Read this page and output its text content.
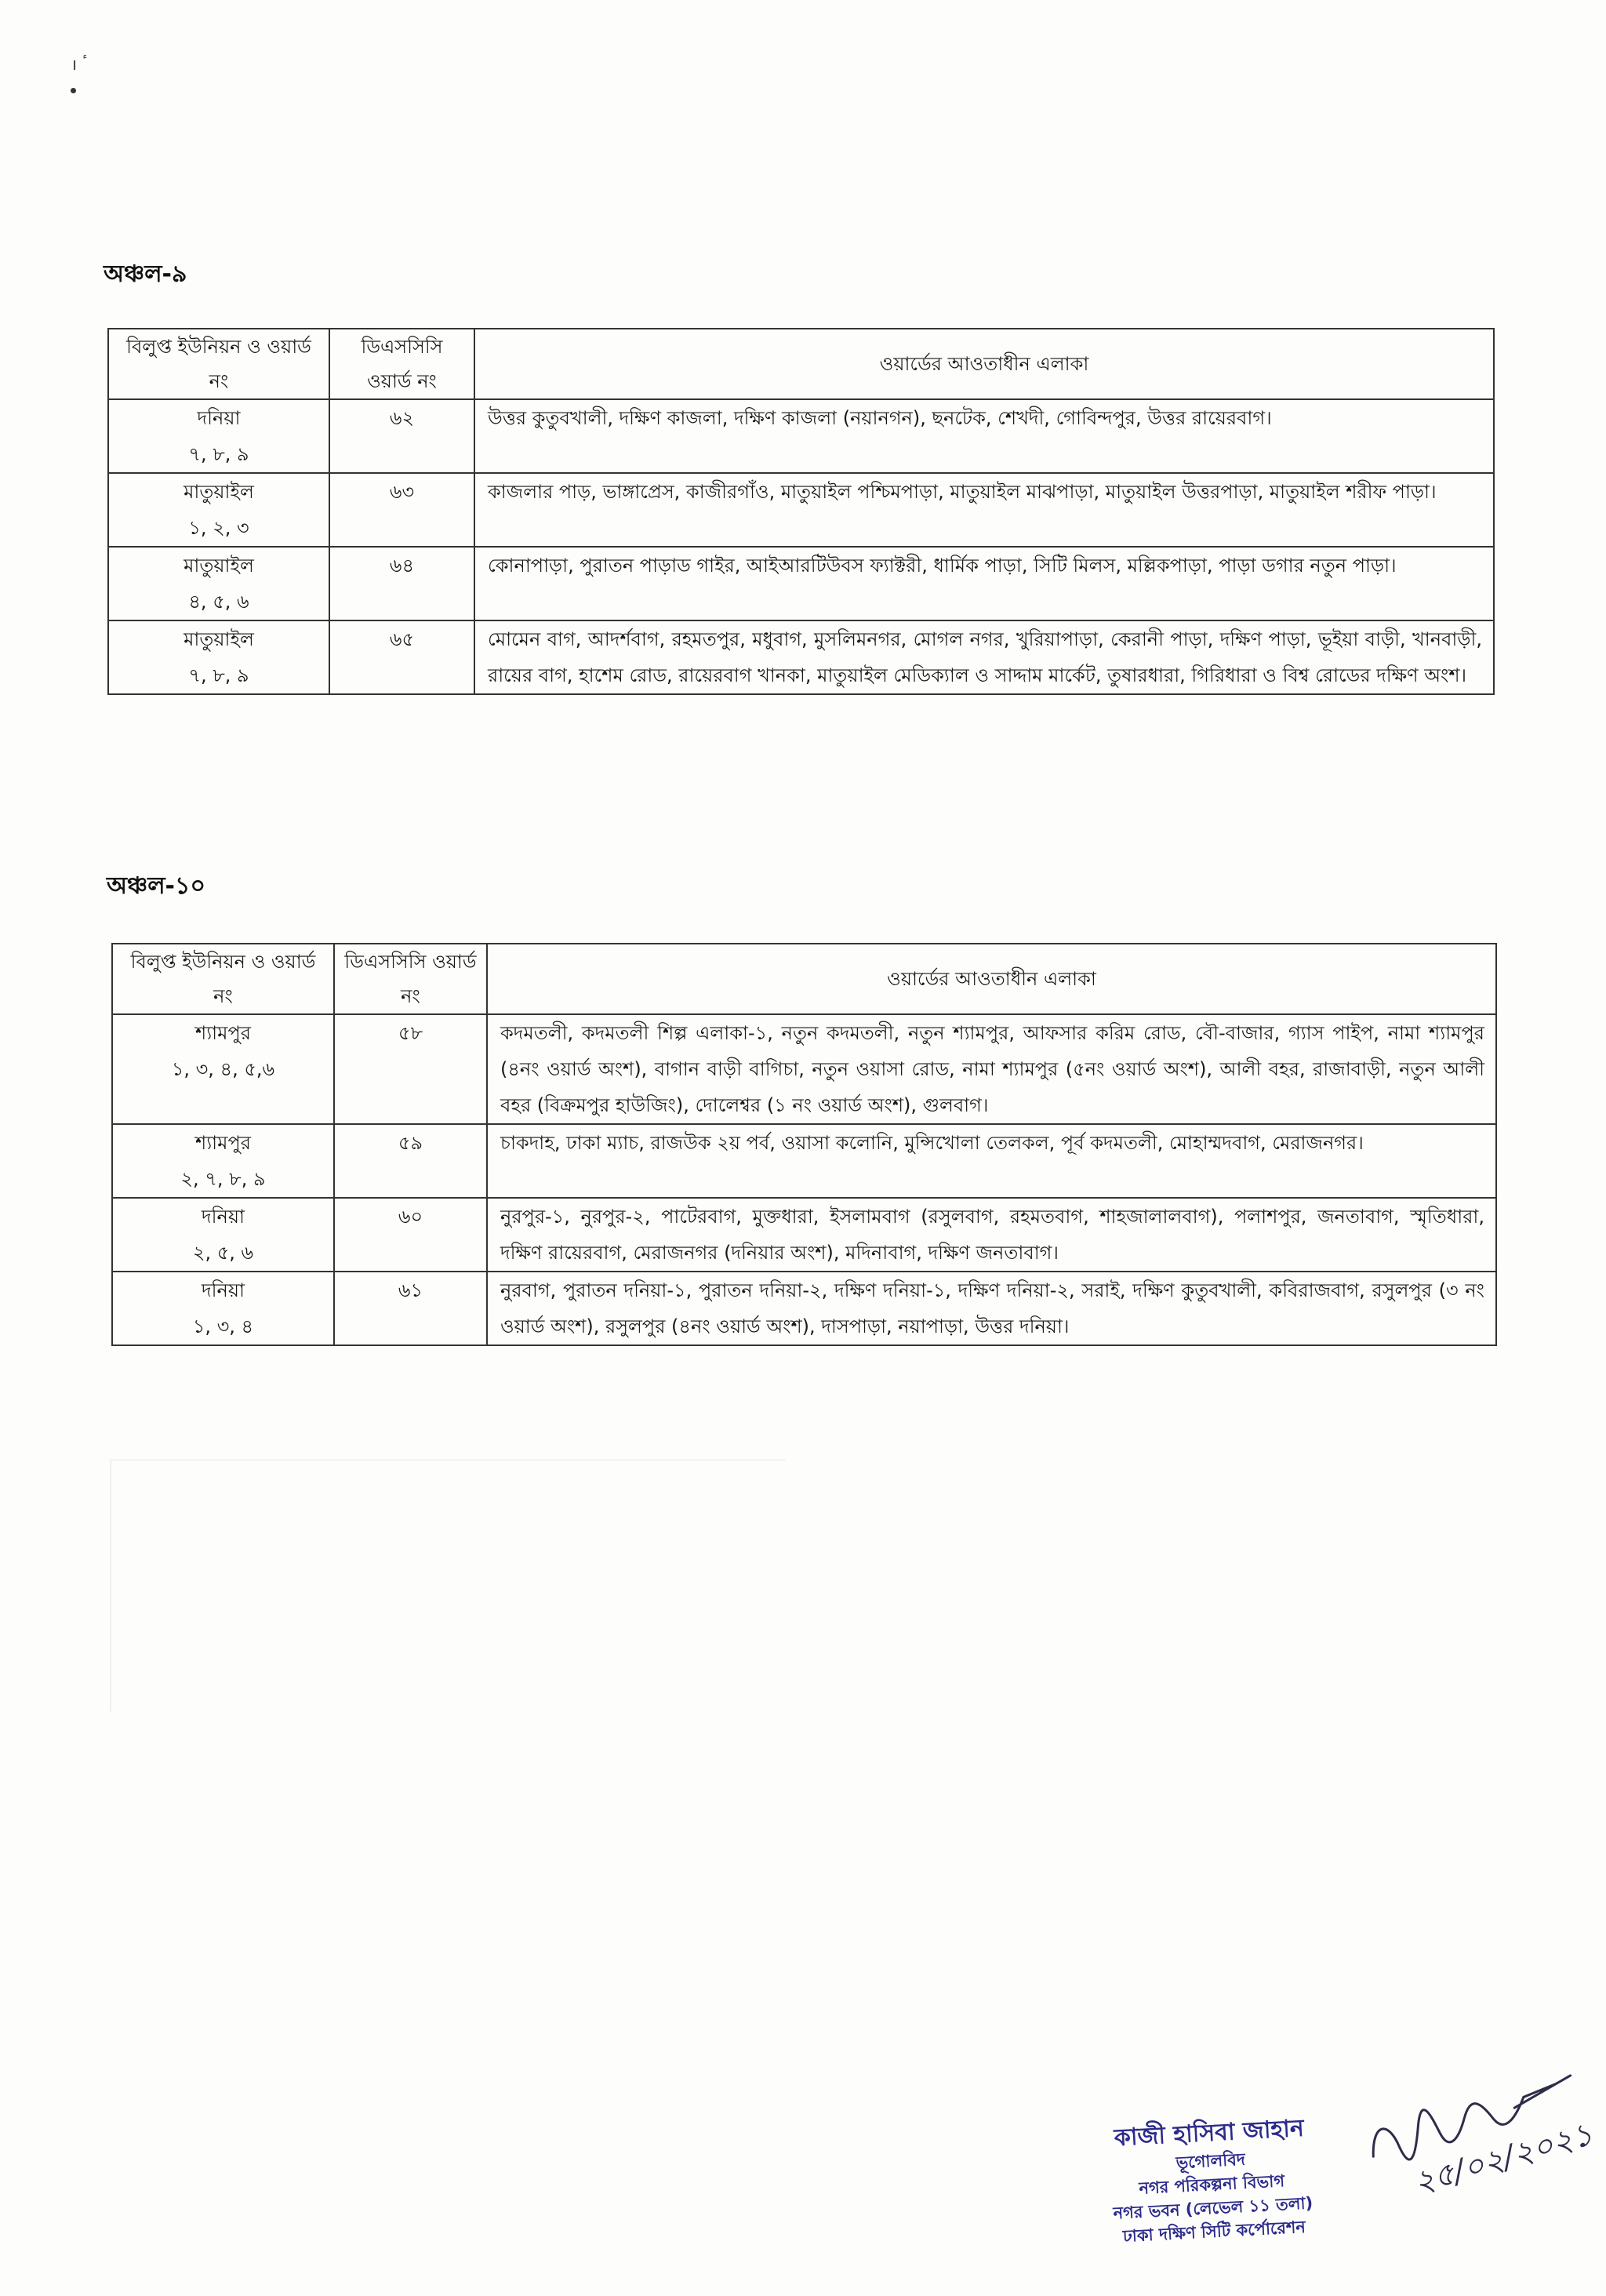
ı ٴ
অঞ্চল-৯
বিলুপ্ত ইউনিয়ন ও ওয়ার্ড নং	ডিএসসিসি ওয়ার্ড নং	ওয়ার্ডের আওতাধীন এলাকা

দনিয়া
৭, ৮, ৯	৬২	উত্তর কুতুবখালী, দক্ষিণ কাজলা, দক্ষিণ কাজলা (নয়ানগন), ছনটেক, শেখদী, গোবিন্দপুর, উত্তর রায়েরবাগ।

মাতুয়াইল
১, ২, ৩	৬৩	কাজলার পাড়, ভাঙ্গাপ্রেস, কাজীরগাঁও, মাতুয়াইল পশ্চিমপাড়া, মাতুয়াইল মাঝপাড়া, মাতুয়াইল উত্তরপাড়া, মাতুয়াইল শরীফ পাড়া।

মাতুয়াইল
৪, ৫, ৬	৬৪	কোনাপাড়া, পুরাতন পাড়াড গাইর, আইআরটিউবস ফ্যাক্টরী, ধার্মিক পাড়া, সিটি মিলস, মল্লিকপাড়া, পাড়া ডগার নতুন পাড়া।

মাতুয়াইল
৭, ৮, ৯	৬৫	মোমেন বাগ, আদর্শবাগ, রহমতপুর, মধুবাগ, মুসলিমনগর, মোগল নগর, খুরিয়াপাড়া, কেরানী পাড়া, দক্ষিণ পাড়া, ভূইয়া বাড়ী, খানবাড়ী, রায়ের বাগ, হাশেম রোড, রায়েরবাগ খানকা, মাতুয়াইল মেডিক্যাল ও সাদ্দাম মার্কেট, তুষারধারা, গিরিধারা ও বিশ্ব রোডের দক্ষিণ অংশ।
অঞ্চল-১০
বিলুপ্ত ইউনিয়ন ও ওয়ার্ড নং	ডিএসসিসি ওয়ার্ড নং	ওয়ার্ডের আওতাধীন এলাকা

শ্যামপুর
১, ৩, ৪, ৫,৬	৫৮	কদমতলী, কদমতলী শিল্প এলাকা-১, নতুন কদমতলী, নতুন শ্যামপুর, আফসার করিম রোড, বৌ-বাজার, গ্যাস পাইপ, নামা শ্যামপুর (৪নং ওয়ার্ড অংশ), বাগান বাড়ী বাগিচা, নতুন ওয়াসা রোড, নামা শ্যামপুর (৫নং ওয়ার্ড অংশ), আলী বহর, রাজাবাড়ী, নতুন আলী বহর (বিক্রমপুর হাউজিং), দোলেশ্বর (১ নং ওয়ার্ড অংশ), গুলবাগ।

শ্যামপুর
২, ৭, ৮, ৯	৫৯	চাকদাহ, ঢাকা ম্যাচ, রাজউক ২য় পর্ব, ওয়াসা কলোনি, মুন্সিখোলা তেলকল, পূর্ব কদমতলী, মোহাম্মদবাগ, মেরাজনগর।

দনিয়া
২, ৫, ৬	৬০	নুরপুর-১, নুরপুর-২, পাটেরবাগ, মুক্তধারা, ইসলামবাগ (রসুলবাগ, রহমতবাগ, শাহজালালবাগ), পলাশপুর, জনতাবাগ, স্মৃতিধারা, দক্ষিণ রায়েরবাগ, মেরাজনগর (দনিয়ার অংশ), মদিনাবাগ, দক্ষিণ জনতাবাগ।

দনিয়া
১, ৩, ৪	৬১	নুরবাগ, পুরাতন দনিয়া-১, পুরাতন দনিয়া-২, দক্ষিণ দনিয়া-১, দক্ষিণ দনিয়া-২, সরাই, দক্ষিণ কুতুবখালী, কবিরাজবাগ, রসুলপুর (৩ নং ওয়ার্ড অংশ), রসুলপুর (৪নং ওয়ার্ড অংশ), দাসপাড়া, নয়াপাড়া, উত্তর দনিয়া।
কাজী হাসিবা জাহান
ভূগোলবিদ
নগর পরিকল্পনা বিভাগ
নগর ভবন (লেভেল ১১ তলা)
ঢাকা দক্ষিণ সিটি কর্পোরেশন
২৫/০২/২০২১
